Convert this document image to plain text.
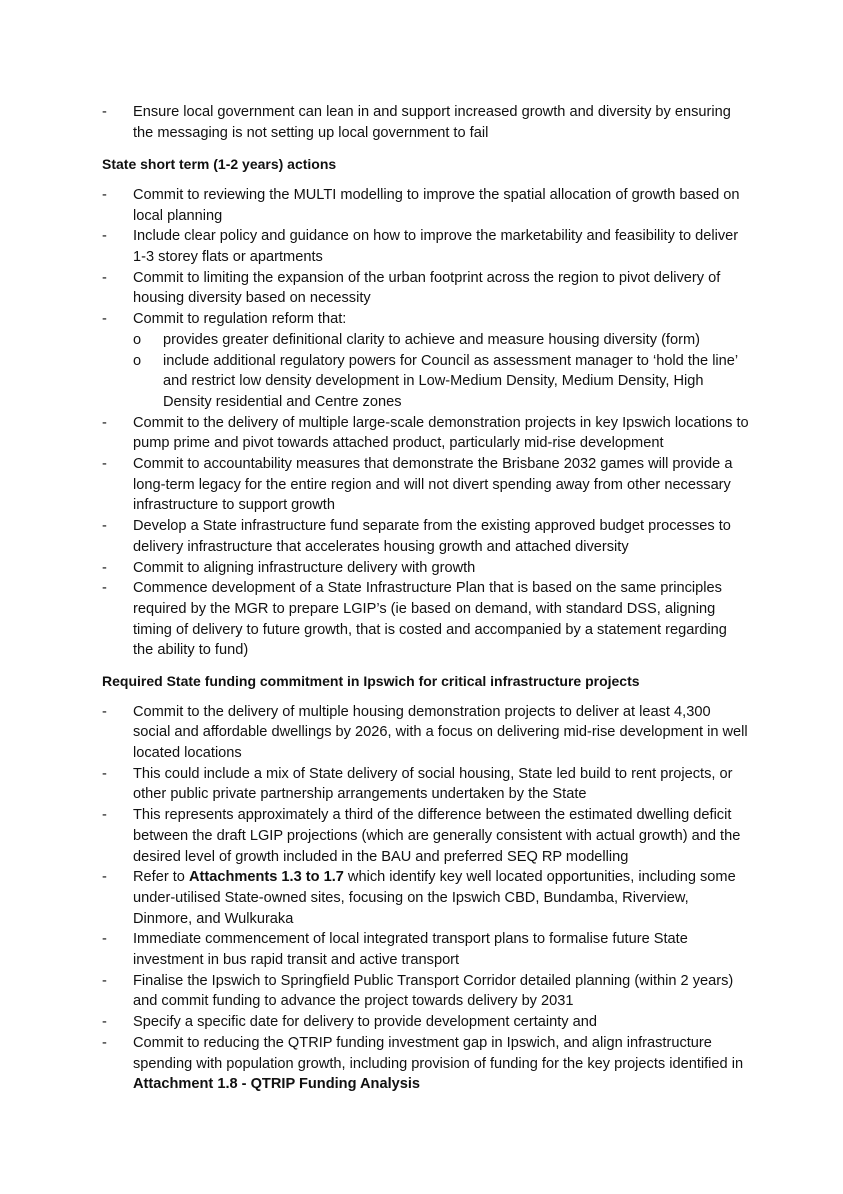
-	Ensure local government can lean in and support increased growth and diversity by ensuring the messaging is not setting up local government to fail

State short term (1-2 years) actions

-	Commit to reviewing the MULTI modelling to improve the spatial allocation of growth based on local planning
-	Include clear policy and guidance on how to improve the marketability and feasibility to deliver 1-3 storey flats or apartments
-	Commit to limiting the expansion of the urban footprint across the region to pivot delivery of housing diversity based on necessity
-	Commit to regulation reform that:
o provides greater definitional clarity to achieve and measure housing diversity (form)
o include additional regulatory powers for Council as assessment manager to ‘hold the line’ and restrict low density development in Low-Medium Density, Medium Density, High Density residential and Centre zones
-	Commit to the delivery of multiple large-scale demonstration projects in key Ipswich locations to pump prime and pivot towards attached product, particularly mid-rise development
-	Commit to accountability measures that demonstrate the Brisbane 2032 games will provide a long-term legacy for the entire region and will not divert spending away from other necessary infrastructure to support growth
-	Develop a State infrastructure fund separate from the existing approved budget processes to delivery infrastructure that accelerates housing growth and attached diversity
-	Commit to aligning infrastructure delivery with growth
-	Commence development of a State Infrastructure Plan that is based on the same principles required by the MGR to prepare LGIP’s (ie based on demand, with standard DSS, aligning timing of delivery to future growth, that is costed and accompanied by a statement regarding the ability to fund)

Required State funding commitment in Ipswich for critical infrastructure projects

-	Commit to the delivery of multiple housing demonstration projects to deliver at least 4,300 social and affordable dwellings by 2026, with a focus on delivering mid-rise development in well located locations
-	This could include a mix of State delivery of social housing, State led build to rent projects, or other public private partnership arrangements undertaken by the State
-	This represents approximately a third of the difference between the estimated dwelling deficit between the draft LGIP projections (which are generally consistent with actual growth) and the desired level of growth included in the BAU and preferred SEQ RP modelling
-	Refer to Attachments 1.3 to 1.7 which identify key well located opportunities, including some under-utilised State-owned sites, focusing on the Ipswich CBD, Bundamba, Riverview, Dinmore, and Wulkuraka
-	Immediate commencement of local integrated transport plans to formalise future State investment in bus rapid transit and active transport
-	Finalise the Ipswich to Springfield Public Transport Corridor detailed planning (within 2 years) and commit funding to advance the project towards delivery by 2031
-	Specify a specific date for delivery to provide development certainty and
-	Commit to reducing the QTRIP funding investment gap in Ipswich, and align infrastructure spending with population growth, including provision of funding for the key projects identified in Attachment 1.8 - QTRIP Funding Analysis
